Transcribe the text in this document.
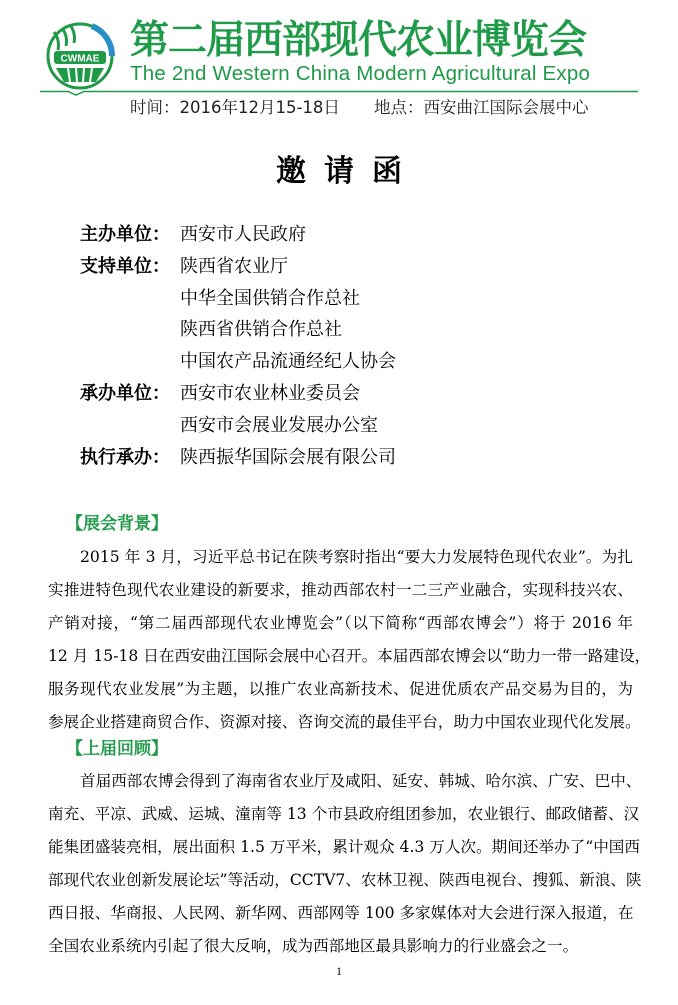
CWMAE 第二届西部现代农业博览会
The 2nd Western China Modern Agricultural Expo
时间：2016年12月15-18日 地点：西安曲江国际会展中心
邀请函
主办单位： 西安市人民政府
支持单位： 陕西省农业厅
中华全国供销合作总社
陕西省供销合作总社
中国农产品流通经纪人协会
承办单位： 西安市农业林业委员会
西安市会展业发展办公室
执行承办： 陕西振华国际会展有限公司
【展会背景】
2015 年 3 月，习近平总书记在陕考察时指出“要大力发展特色现代农业”。为扎
实推进特色现代农业建设的新要求，推动西部农村一二三产业融合，实现科技兴农、
产销对接，“第二届西部现代农业博览会”（以下简称“西部农博会”）将于 2016 年
12 月 15-18 日在西安曲江国际会展中心召开。本届西部农博会以“助力一带一路建设，
服务现代农业发展”为主题，以推广农业高新技术、促进优质农产品交易为目的，为
参展企业搭建商贸合作、资源对接、咨询交流的最佳平台，助力中国农业现代化发展。
【上届回顾】
首届西部农博会得到了海南省农业厅及咸阳、延安、韩城、哈尔滨、广安、巴中、
南充、平凉、武威、运城、潼南等 13 个市县政府组团参加，农业银行、邮政储蓄、汉
能集团盛装亮相，展出面积 1.5 万平米，累计观众 4.3 万人次。期间还举办了“中国西
部现代农业创新发展论坛”等活动，CCTV7、农林卫视、陕西电视台、搜狐、新浪、陕
西日报、华商报、人民网、新华网、西部网等 100 多家媒体对大会进行深入报道，在
全国农业系统内引起了很大反响，成为西部地区最具影响力的行业盛会之一。
1
